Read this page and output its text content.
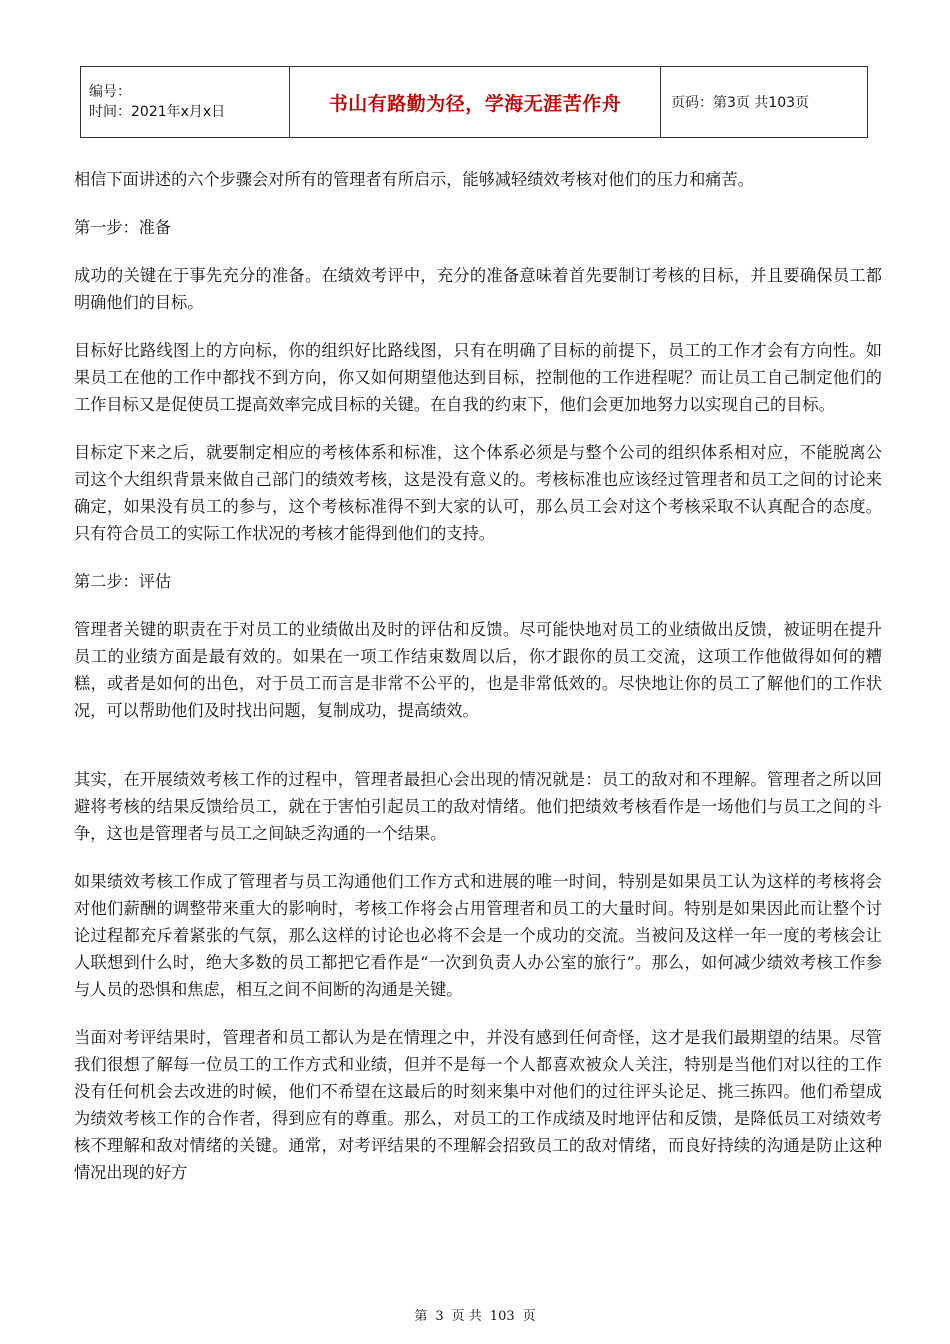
编号：
时间：2021年x月x日	书山有路勤为径，学海无涯苦作舟	页码：第3页 共103页

相信下面讲述的六个步骤会对所有的管理者有所启示，能够减轻绩效考核对他们的压力和痛苦。

第一步：准备

成功的关键在于事先充分的准备。在绩效考评中，充分的准备意味着首先要制订考核的目标，并且要确保员工都明确他们的目标。

目标好比路线图上的方向标，你的组织好比路线图，只有在明确了目标的前提下，员工的工作才会有方向性。如果员工在他的工作中都找不到方向，你又如何期望他达到目标，控制他的工作进程呢？而让员工自己制定他们的工作目标又是促使员工提高效率完成目标的关键。在自我的约束下，他们会更加地努力以实现自己的目标。

目标定下来之后，就要制定相应的考核体系和标准，这个体系必须是与整个公司的组织体系相对应，不能脱离公司这个大组织背景来做自己部门的绩效考核，这是没有意义的。考核标准也应该经过管理者和员工之间的讨论来确定，如果没有员工的参与，这个考核标准得不到大家的认可，那么员工会对这个考核采取不认真配合的态度。只有符合员工的实际工作状况的考核才能得到他们的支持。

第二步：评估

管理者关键的职责在于对员工的业绩做出及时的评估和反馈。尽可能快地对员工的业绩做出反馈，被证明在提升员工的业绩方面是最有效的。如果在一项工作结束数周以后，你才跟你的员工交流，这项工作他做得如何的糟糕，或者是如何的出色，对于员工而言是非常不公平的，也是非常低效的。尽快地让你的员工了解他们的工作状况，可以帮助他们及时找出问题，复制成功，提高绩效。

其实，在开展绩效考核工作的过程中，管理者最担心会出现的情况就是：员工的敌对和不理解。管理者之所以回避将考核的结果反馈给员工，就在于害怕引起员工的敌对情绪。他们把绩效考核看作是一场他们与员工之间的斗争，这也是管理者与员工之间缺乏沟通的一个结果。

如果绩效考核工作成了管理者与员工沟通他们工作方式和进展的唯一时间，特别是如果员工认为这样的考核将会对他们薪酬的调整带来重大的影响时，考核工作将会占用管理者和员工的大量时间。特别是如果因此而让整个讨论过程都充斥着紧张的气氛，那么这样的讨论也必将不会是一个成功的交流。当被问及这样一年一度的考核会让人联想到什么时，绝大多数的员工都把它看作是“一次到负责人办公室的旅行”。那么，如何减少绩效考核工作参与人员的恐惧和焦虑，相互之间不间断的沟通是关键。

当面对考评结果时，管理者和员工都认为是在情理之中，并没有感到任何奇怪，这才是我们最期望的结果。尽管我们很想了解每一位员工的工作方式和业绩，但并不是每一个人都喜欢被众人关注，特别是当他们对以往的工作没有任何机会去改进的时候，他们不希望在这最后的时刻来集中对他们的过往评头论足、挑三拣四。他们希望成为绩效考核工作的合作者，得到应有的尊重。那么，对员工的工作成绩及时地评估和反馈，是降低员工对绩效考核不理解和敌对情绪的关键。通常，对考评结果的不理解会招致员工的敌对情绪，而良好持续的沟通是防止这种情况出现的好方

第 3 页 共 103 页
